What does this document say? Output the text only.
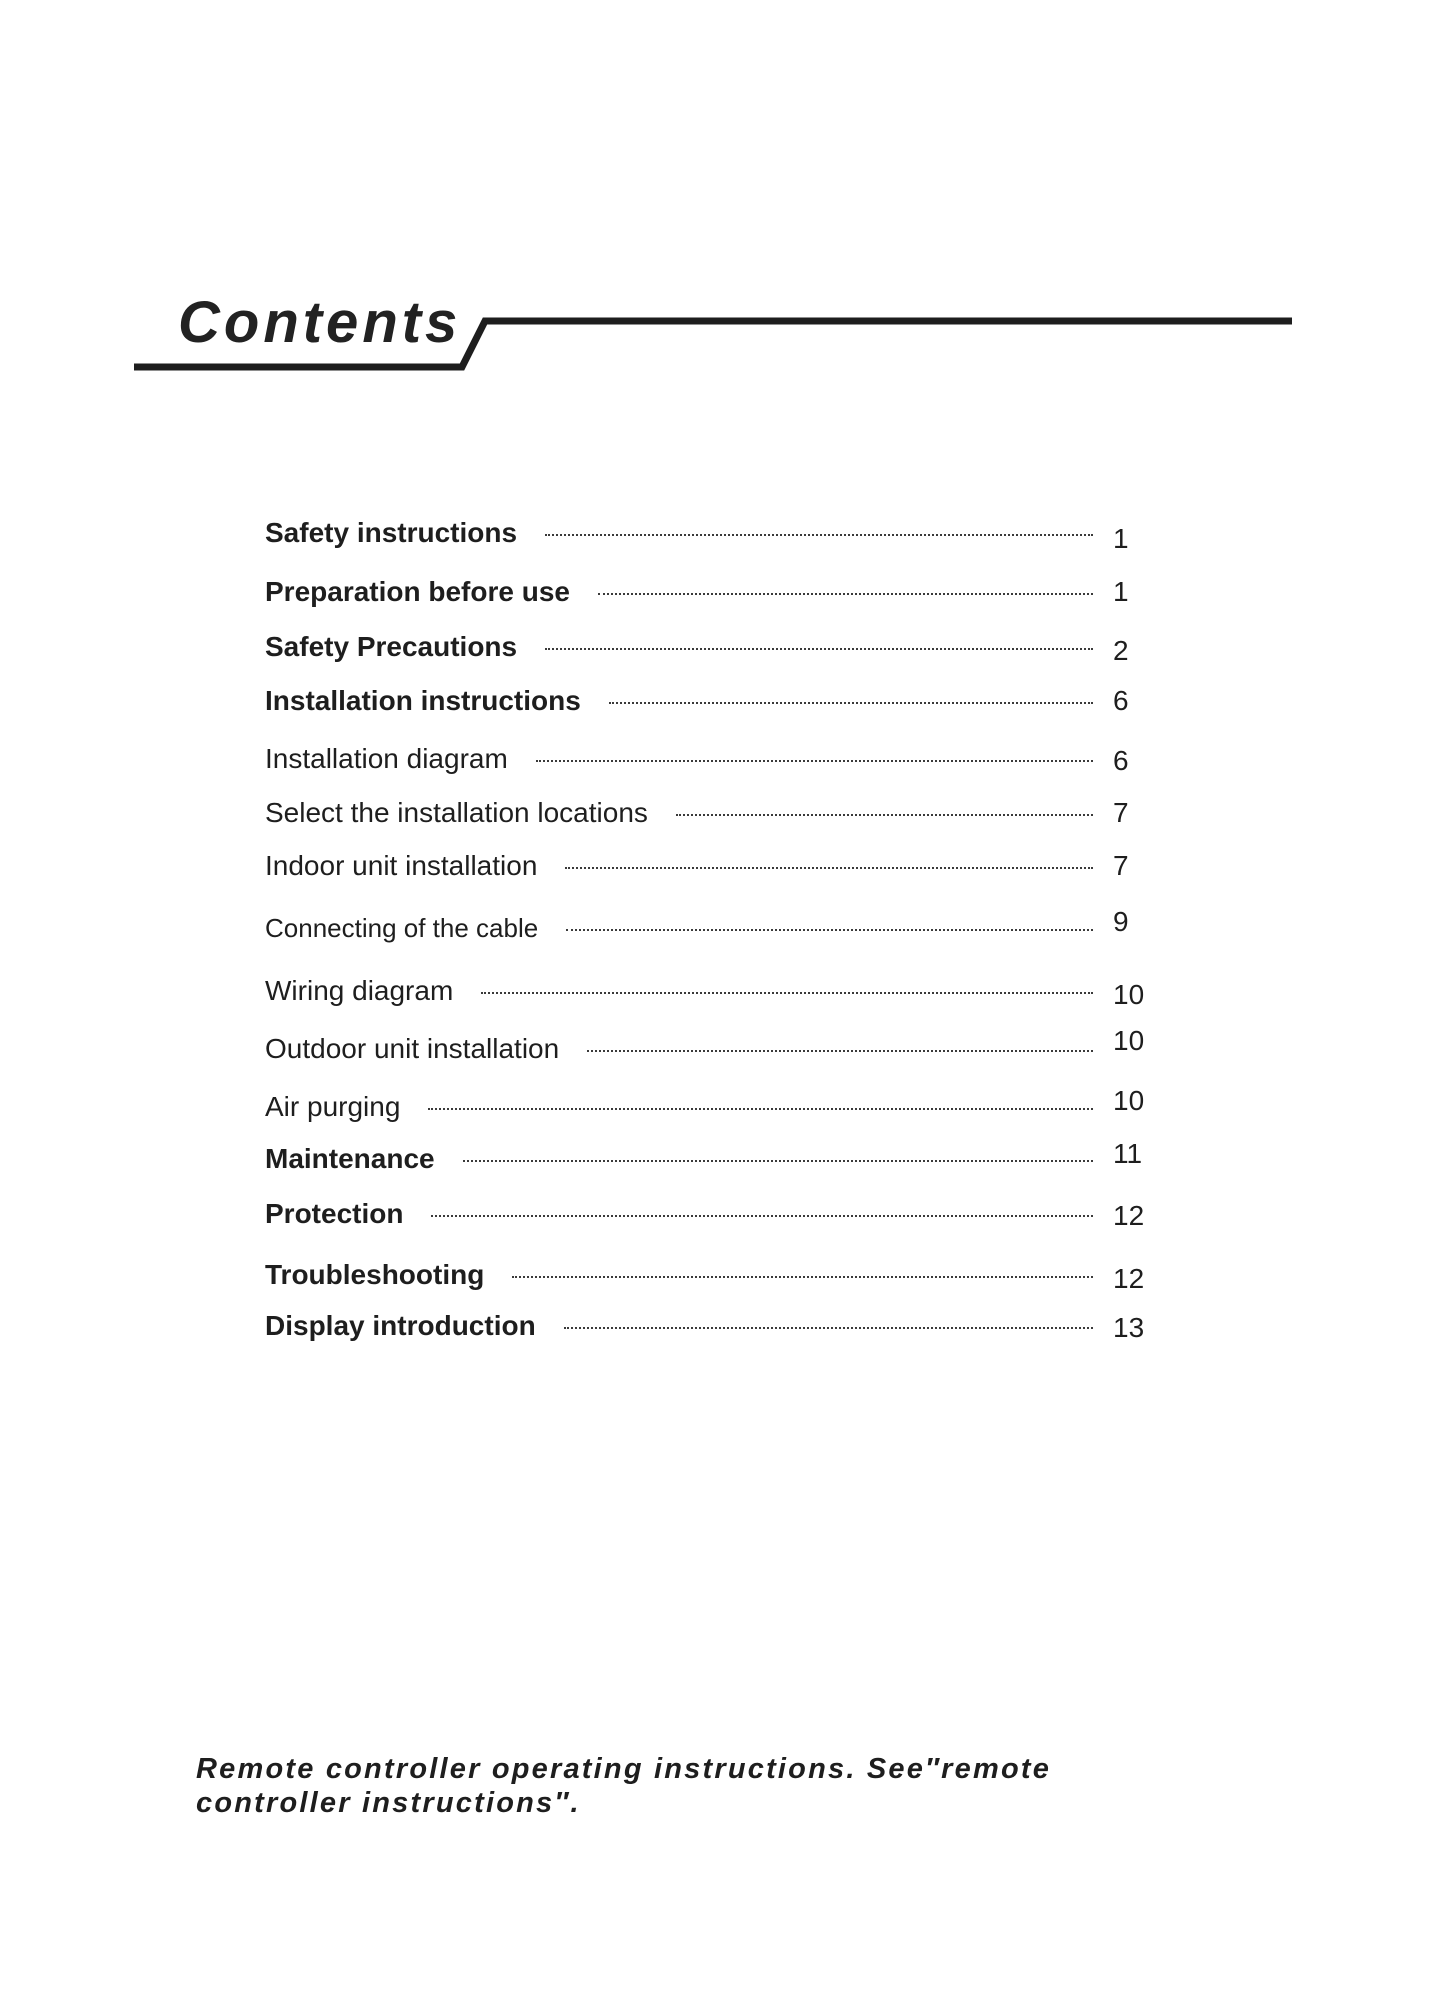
Contents
Safety instructions	1
Preparation before use	1
Safety Precautions	2
Installation instructions	6
Installation diagram	6
Select the installation locations	7
Indoor unit installation	7
Connecting of the cable	9
Wiring diagram	10
Outdoor unit installation	10
Air purging	10
Maintenance	11
Protection	12
Troubleshooting	12
Display introduction	13

Remote controller operating instructions. See″remote controller instructions″.
